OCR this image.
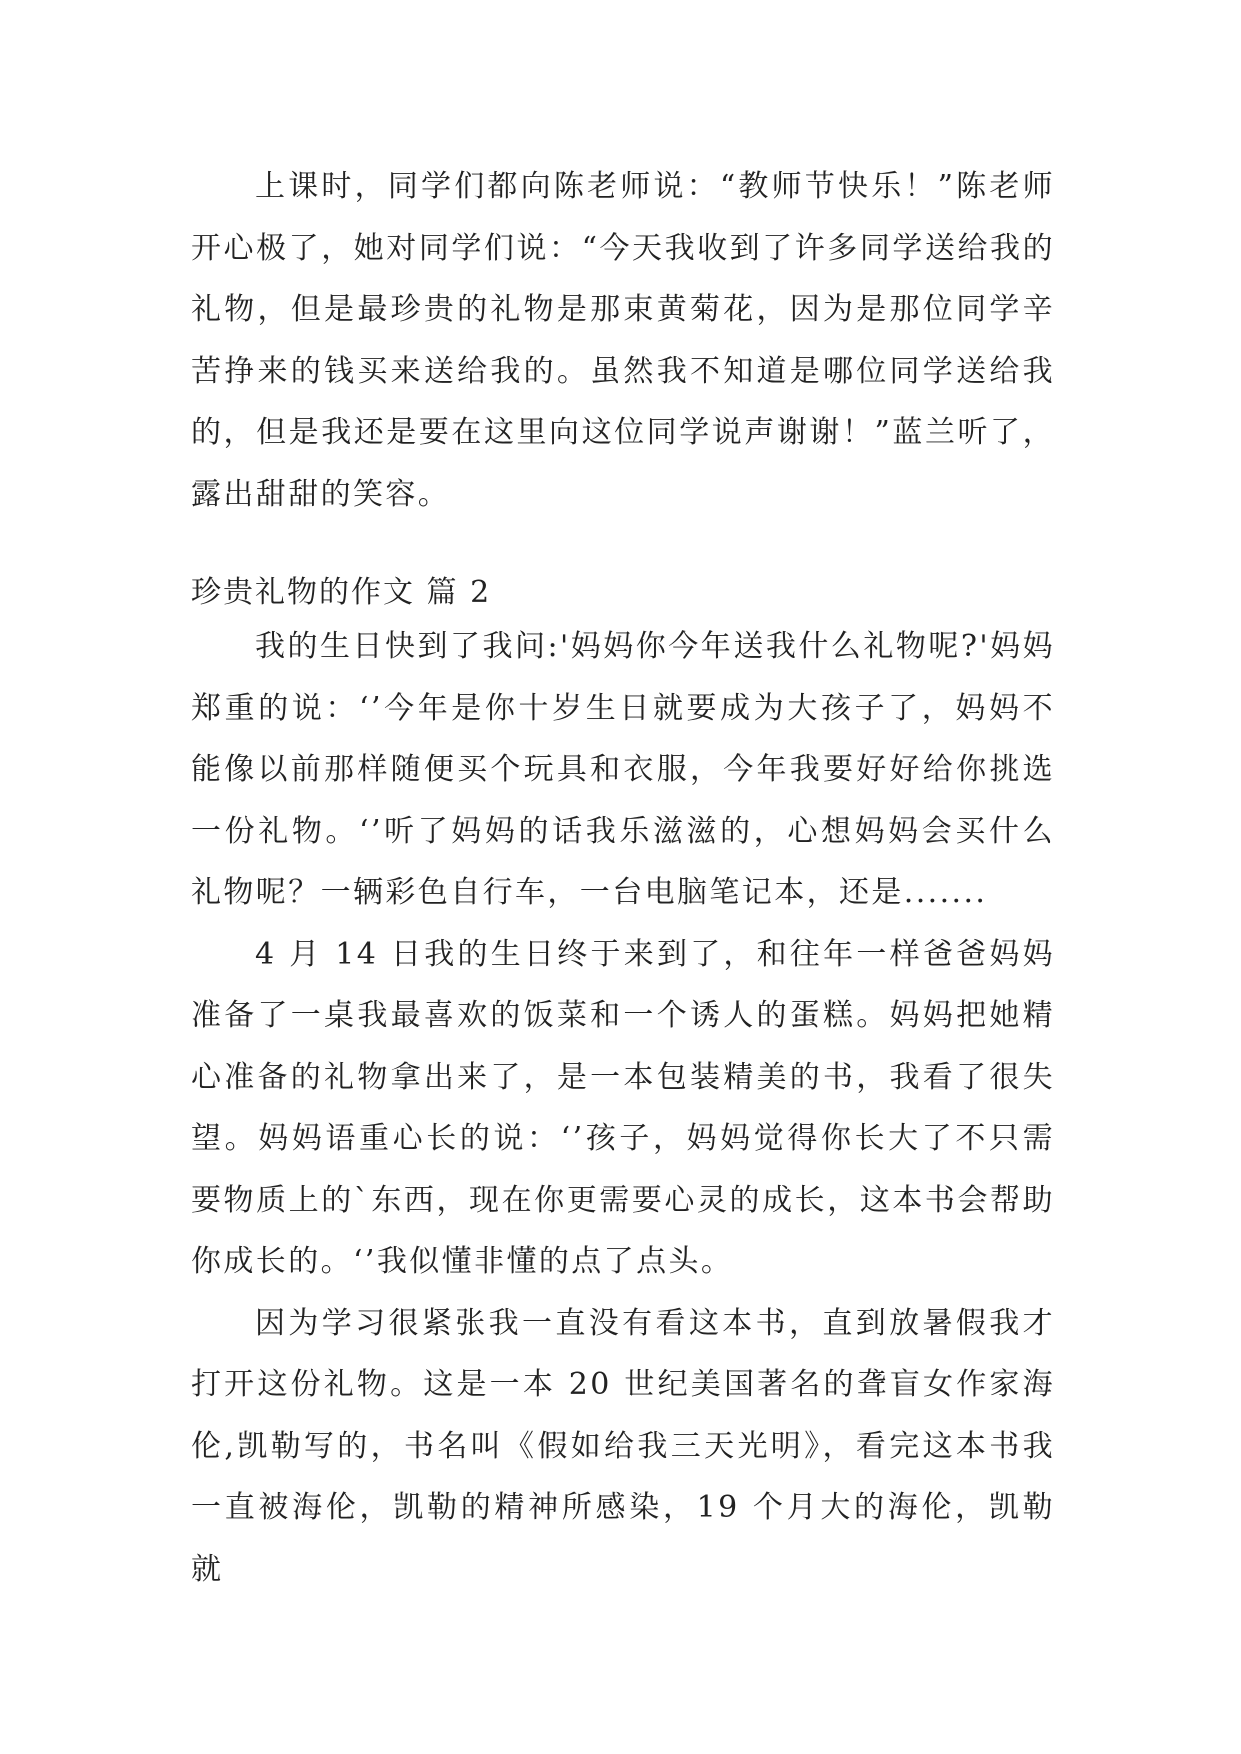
上课时，同学们都向陈老师说：“教师节快乐！”陈老师开心极了，她对同学们说：“今天我收到了许多同学送给我的礼物，但是最珍贵的礼物是那束黄菊花，因为是那位同学辛苦挣来的钱买来送给我的。虽然我不知道是哪位同学送给我的，但是我还是要在这里向这位同学说声谢谢！”蓝兰听了，露出甜甜的笑容。

珍贵礼物的作文 篇 2

我的生日快到了我问:'妈妈你今年送我什么礼物呢?'妈妈郑重的说：‘’今年是你十岁生日就要成为大孩子了，妈妈不能像以前那样随便买个玩具和衣服，今年我要好好给你挑选一份礼物。‘’听了妈妈的话我乐滋滋的，心想妈妈会买什么礼物呢？一辆彩色自行车，一台电脑笔记本，还是.......

4 月 14 日我的生日终于来到了，和往年一样爸爸妈妈准备了一桌我最喜欢的饭菜和一个诱人的蛋糕。妈妈把她精心准备的礼物拿出来了，是一本包装精美的书，我看了很失望。妈妈语重心长的说：‘’孩子，妈妈觉得你长大了不只需要物质上的`东西，现在你更需要心灵的成长，这本书会帮助你成长的。‘’我似懂非懂的点了点头。

因为学习很紧张我一直没有看这本书，直到放暑假我才打开这份礼物。这是一本 20 世纪美国著名的聋盲女作家海伦,凯勒写的，书名叫《假如给我三天光明》，看完这本书我一直被海伦，凯勒的精神所感染，19 个月大的海伦，凯勒就
